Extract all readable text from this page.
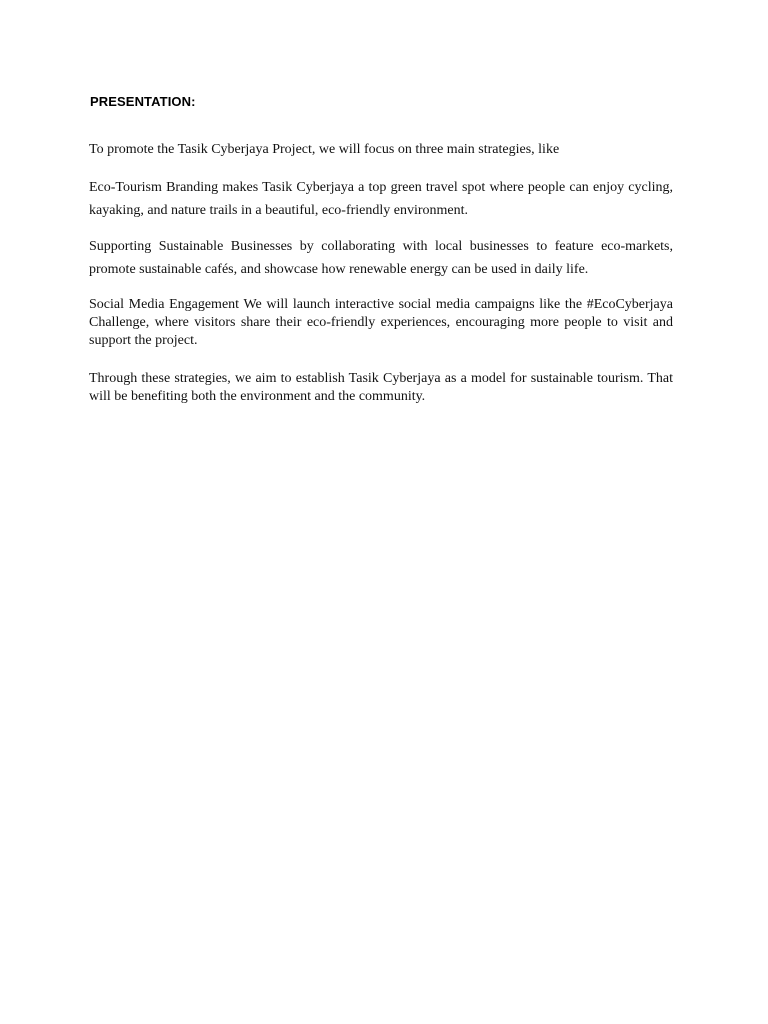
PRESENTATION:

To promote the Tasik Cyberjaya Project, we will focus on three main strategies, like

Eco-Tourism Branding makes Tasik Cyberjaya a top green travel spot where people can enjoy cycling, kayaking, and nature trails in a beautiful, eco-friendly environment.

Supporting Sustainable Businesses by collaborating with local businesses to feature eco-markets, promote sustainable cafés, and showcase how renewable energy can be used in daily life.

Social Media Engagement We will launch interactive social media campaigns like the #EcoCyberjaya Challenge, where visitors share their eco-friendly experiences, encouraging more people to visit and support the project.

Through these strategies, we aim to establish Tasik Cyberjaya as a model for sustainable tourism. That will be benefiting both the environment and the community.
